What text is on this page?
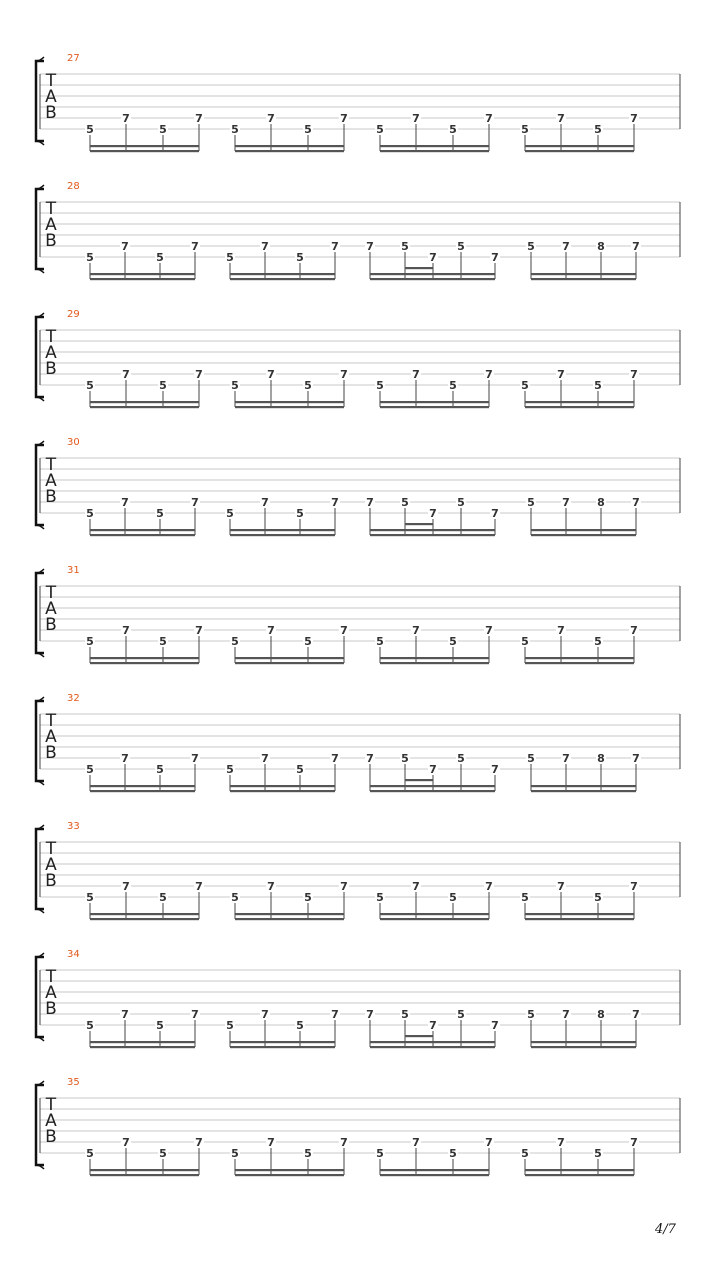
27
T
A
B
5
7
5
7
5
7
5
7
5
7
5
7
5
7
5
7
28
T
A
B
5
7
5
7
5
7
5
7 7 5
7
5
7
5 7 8 7
29
T
A
B
5
7
5
7
5
7
5
7
5
7
5
7
5
7
5
7
30
T
A
B
5
7
5
7
5
7
5
7 7 5
7
5
7
5 7 8 7
31
T
A
B
5
7
5
7
5
7
5
7
5
7
5
7
5
7
5
7
32
T
A
B
5
7
5
7
5
7
5
7 7 5
7
5
7
5 7 8 7
33
T
A
B
5
7
5
7
5
7
5
7
5
7
5
7
5
7
5
7
34
T
A
B
5
7
5
7
5
7
5
7 7 5
7
5
7
5 7 8 7
35
T
A
B
5
7
5
7
5
7
5
7
5
7
5
7
5
7
5
7
4/7
